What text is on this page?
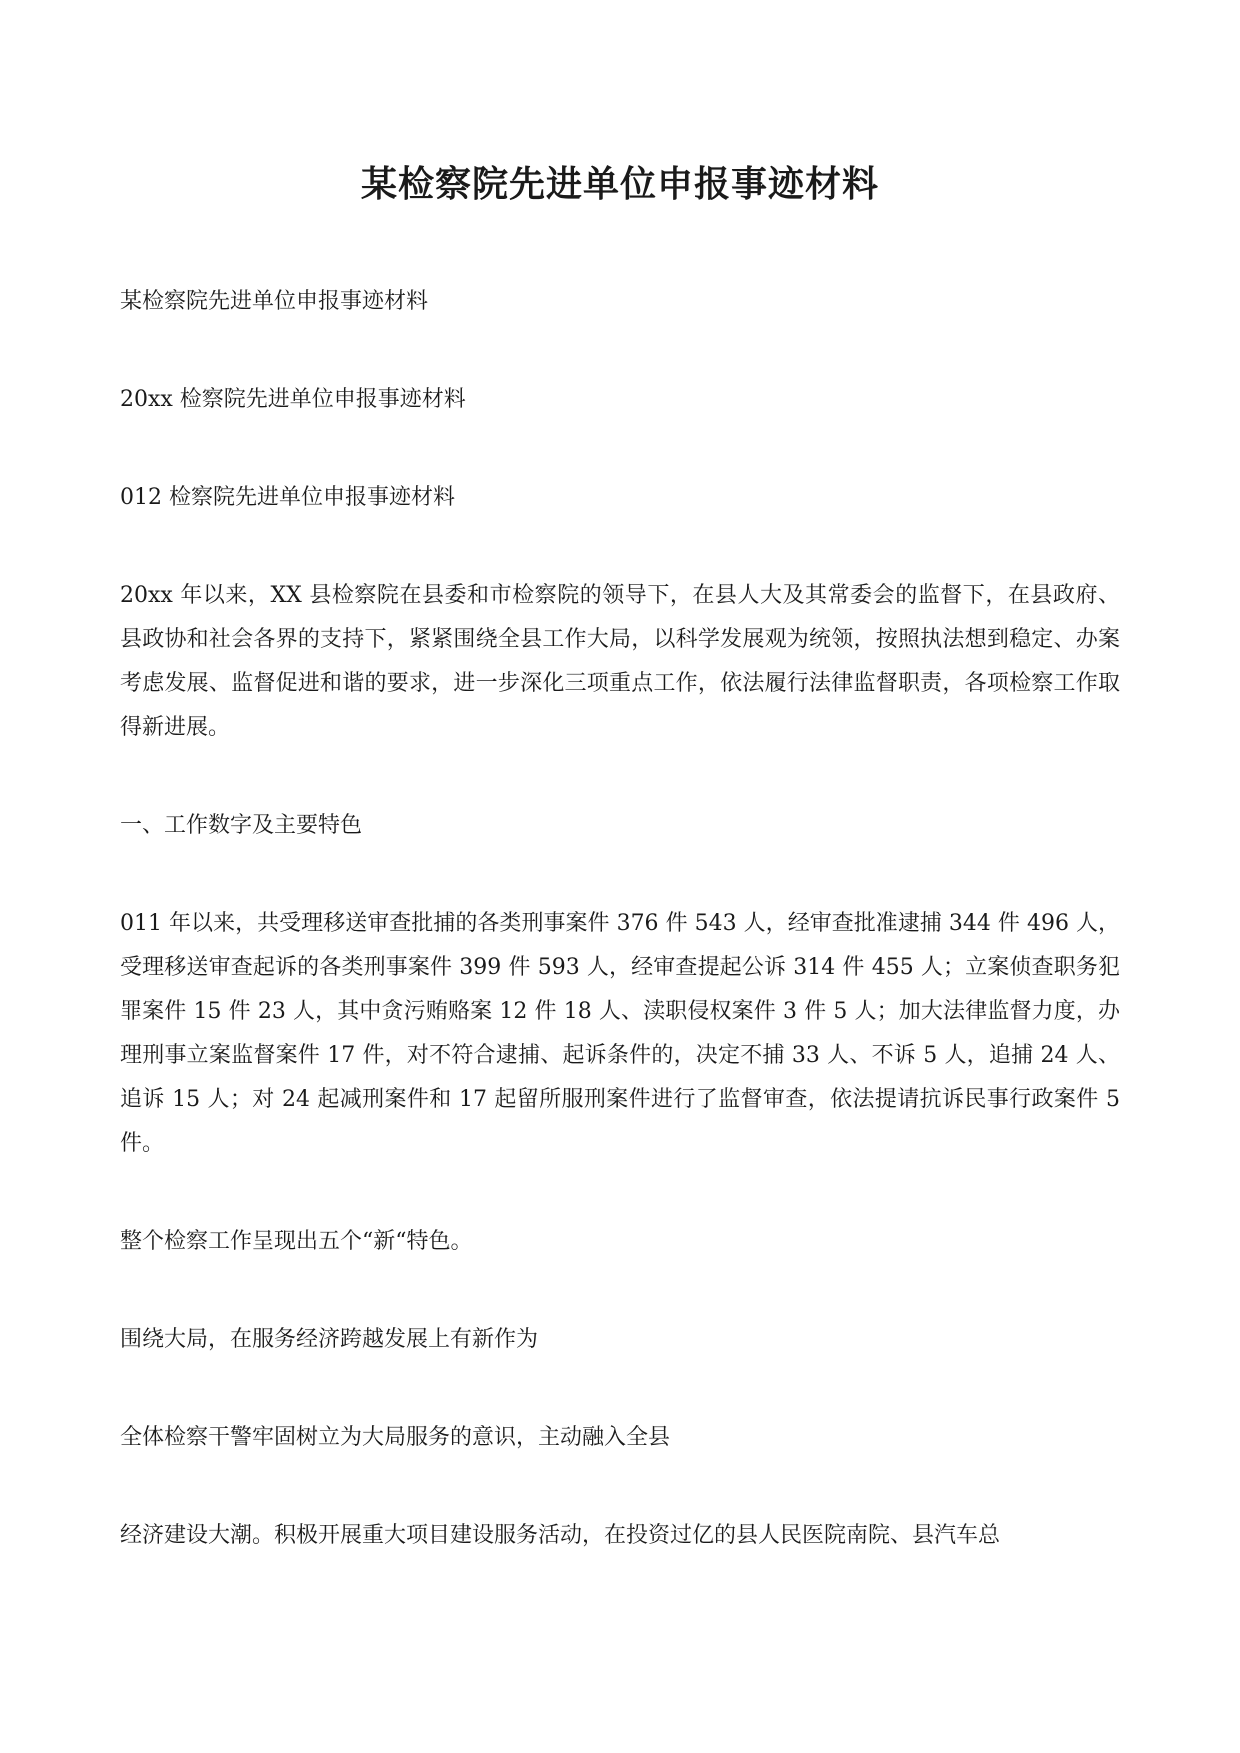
某检察院先进单位申报事迹材料

某检察院先进单位申报事迹材料

20xx 检察院先进单位申报事迹材料

012 检察院先进单位申报事迹材料

20xx 年以来，XX 县检察院在县委和市检察院的领导下，在县人大及其常委会的监督下，在县政府、县政协和社会各界的支持下，紧紧围绕全县工作大局，以科学发展观为统领，按照执法想到稳定、办案考虑发展、监督促进和谐的要求，进一步深化三项重点工作，依法履行法律监督职责，各项检察工作取得新进展。

一、工作数字及主要特色

011 年以来，共受理移送审查批捕的各类刑事案件 376 件 543 人，经审查批准逮捕 344 件 496 人，受理移送审查起诉的各类刑事案件 399 件 593 人，经审查提起公诉 314 件 455 人；立案侦查职务犯罪案件 15 件 23 人，其中贪污贿赂案 12 件 18 人、渎职侵权案件 3 件 5 人；加大法律监督力度，办理刑事立案监督案件 17 件，对不符合逮捕、起诉条件的，决定不捕 33 人、不诉 5 人，追捕 24 人、追诉 15 人；对 24 起减刑案件和 17 起留所服刑案件进行了监督审查，依法提请抗诉民事行政案件 5 件。

整个检察工作呈现出五个“新“特色。

围绕大局，在服务经济跨越发展上有新作为

全体检察干警牢固树立为大局服务的意识，主动融入全县

经济建设大潮。积极开展重大项目建设服务活动，在投资过亿的县人民医院南院、县汽车总
